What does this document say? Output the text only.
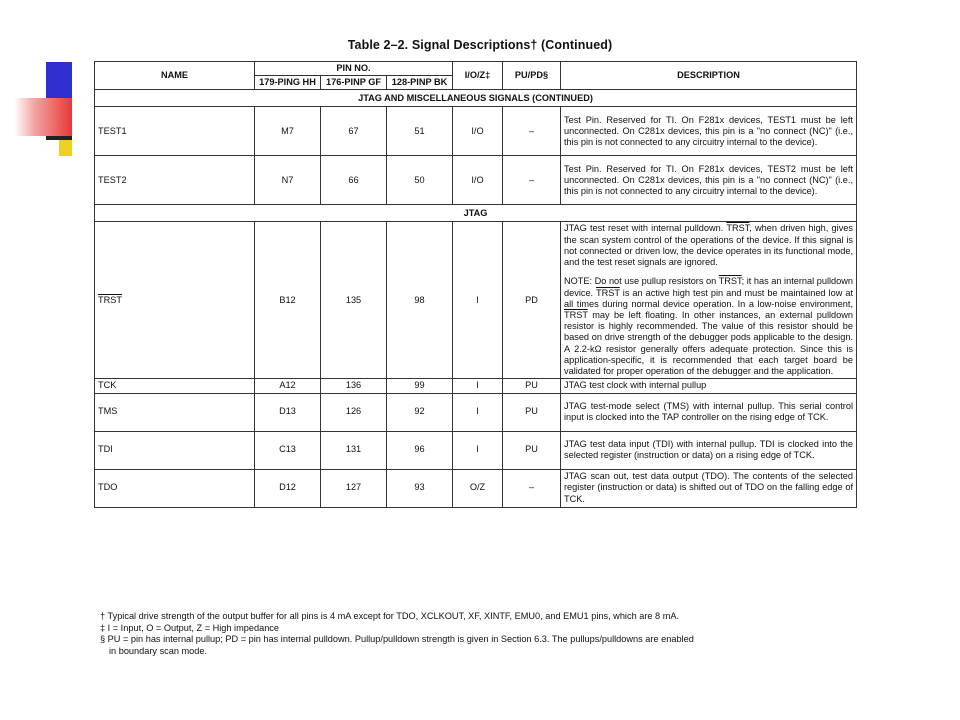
Table 2–2. Signal Descriptions† (Continued)
NAME	PIN NO.			I/O/Z‡	PU/PD§	DESCRIPTION
	179-PING HH	176-PINP GF	128-PINP BK			
JTAG AND MISCELLANEOUS SIGNALS (CONTINUED)						
TEST1	M7	67	51	I/O	–	Test Pin. Reserved for TI. On F281x devices, TEST1 must be left unconnected. On C281x devices, this pin is a "no connect (NC)" (i.e., this pin is not connected to any circuitry internal to the device).
TEST2	N7	66	50	I/O	–	Test Pin. Reserved for TI. On F281x devices, TEST2 must be left unconnected. On C281x devices, this pin is a "no connect (NC)" (i.e., this pin is not connected to any circuitry internal to the device).
JTAG						
TRST	B12	135	98	I	PD	JTAG test reset with internal pulldown. TRST, when driven high, gives the scan system control of the operations of the device. If this signal is not connected or driven low, the device operates in its functional mode, and the test reset signals are ignored.

NOTE: Do not use pullup resistors on TRST; it has an internal pulldown device. TRST is an active high test pin and must be maintained low at all times during normal device operation. In a low-noise environment, TRST may be left floating. In other instances, an external pulldown resistor is highly recommended. The value of this resistor should be based on drive strength of the debugger pods applicable to the design. A 2.2-kΩ resistor generally offers adequate protection. Since this is application-specific, it is recommended that each target board be validated for proper operation of the debugger and the application.

TCK	A12	136	99	I	PU	JTAG test clock with internal pullup
TMS	D13	126	92	I	PU	JTAG test-mode select (TMS) with internal pullup. This serial control input is clocked into the TAP controller on the rising edge of TCK.
TDI	C13	131	96	I	PU	JTAG test data input (TDI) with internal pullup. TDI is clocked into the selected register (instruction or data) on a rising edge of TCK.
TDO	D12	127	93	O/Z	–	JTAG scan out, test data output (TDO). The contents of the selected register (instruction or data) is shifted out of TDO on the falling edge of TCK.
† Typical drive strength of the output buffer for all pins is 4 mA except for TDO, XCLKOUT, XF, XINTF, EMU0, and EMU1 pins, which are 8 mA.
‡ I = Input, O = Output, Z = High impedance
§ PU = pin has internal pullup; PD = pin has internal pulldown. Pullup/pulldown strength is given in Section 6.3. The pullups/pulldowns are enabled
in boundary scan mode.
